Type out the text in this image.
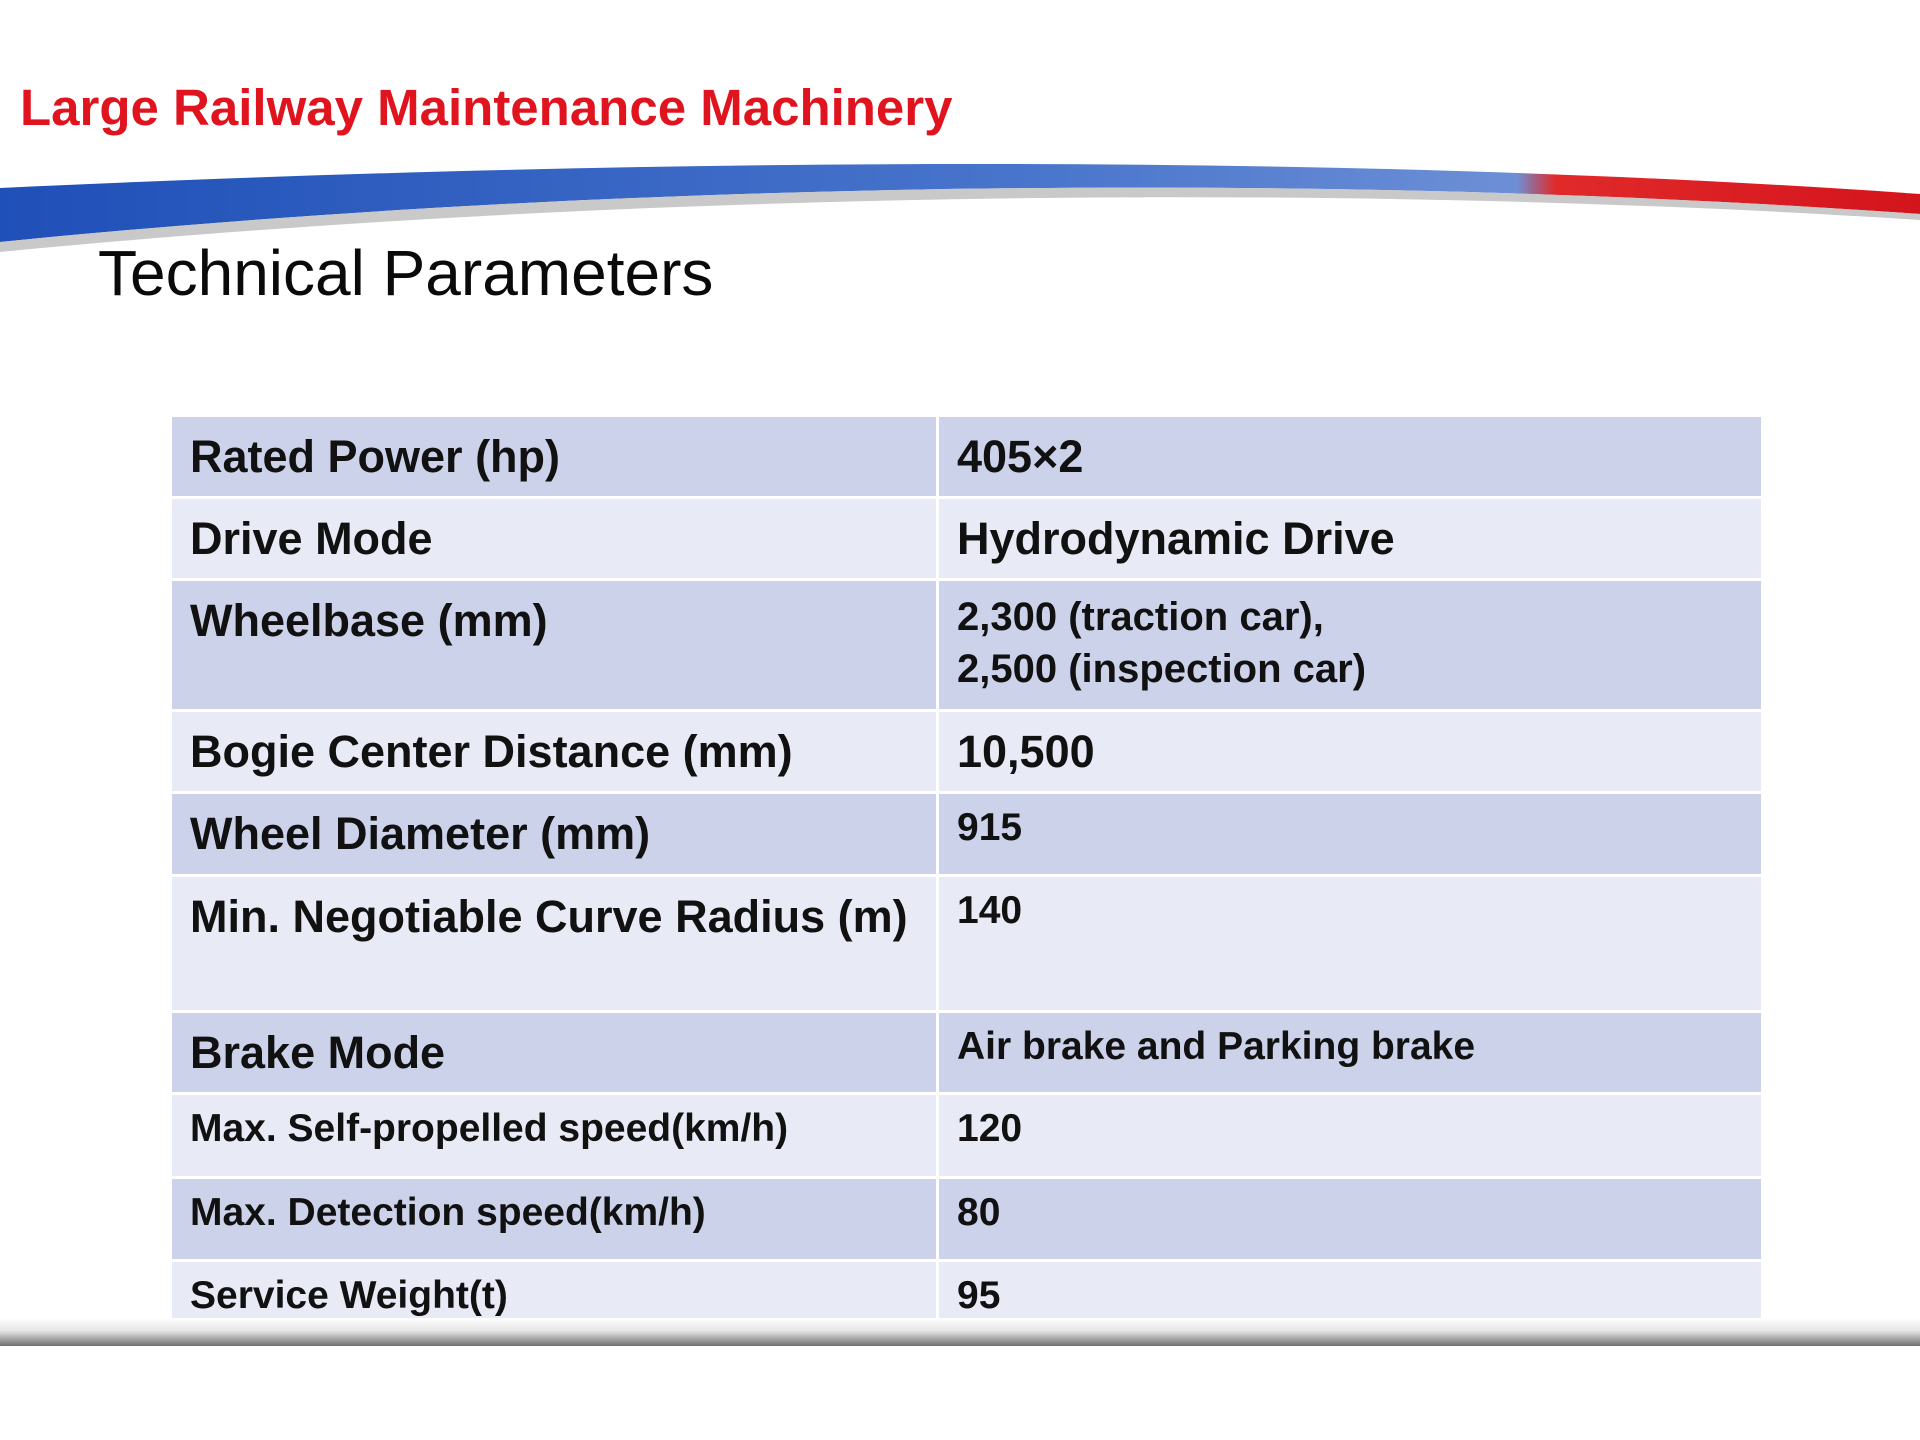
Large Railway Maintenance Machinery
Technical Parameters
Rated Power (hp)	405×2

Drive Mode	Hydrodynamic Drive

Wheelbase (mm)	2,300 (traction car),
2,500 (inspection car)

Bogie Center Distance (mm)	10,500

Wheel Diameter (mm)	915

Min. Negotiable Curve Radius (m)	140

Brake Mode	Air brake and Parking brake

Max. Self-propelled speed(km/h)	120

Max. Detection speed(km/h)	80

Service Weight(t)	95
